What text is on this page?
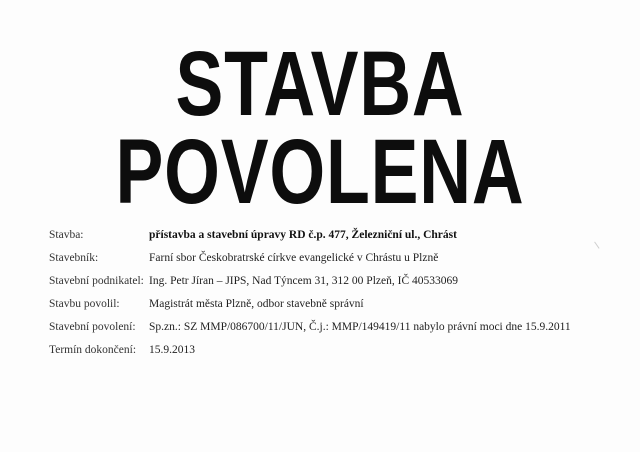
STAVBA
POVOLENA
Stavba:	přístavba a stavební úpravy RD č.p. 477, Železniční ul., Chrást
Stavebník:	Farní sbor Českobratrské církve evangelické v Chrástu u Plzně
Stavební podnikatel: Ing. Petr Jíran – JIPS, Nad Týncem 31, 312 00 Plzeň, IČ 40533069
Stavbu povolil:	Magistrát města Plzně, odbor stavebně správní
Stavební povolení:	Sp.zn.: SZ MMP/086700/11/JUN, Č.j.: MMP/149419/11 nabylo právní moci dne 15.9.2011
Termín dokončení:	15.9.2013
